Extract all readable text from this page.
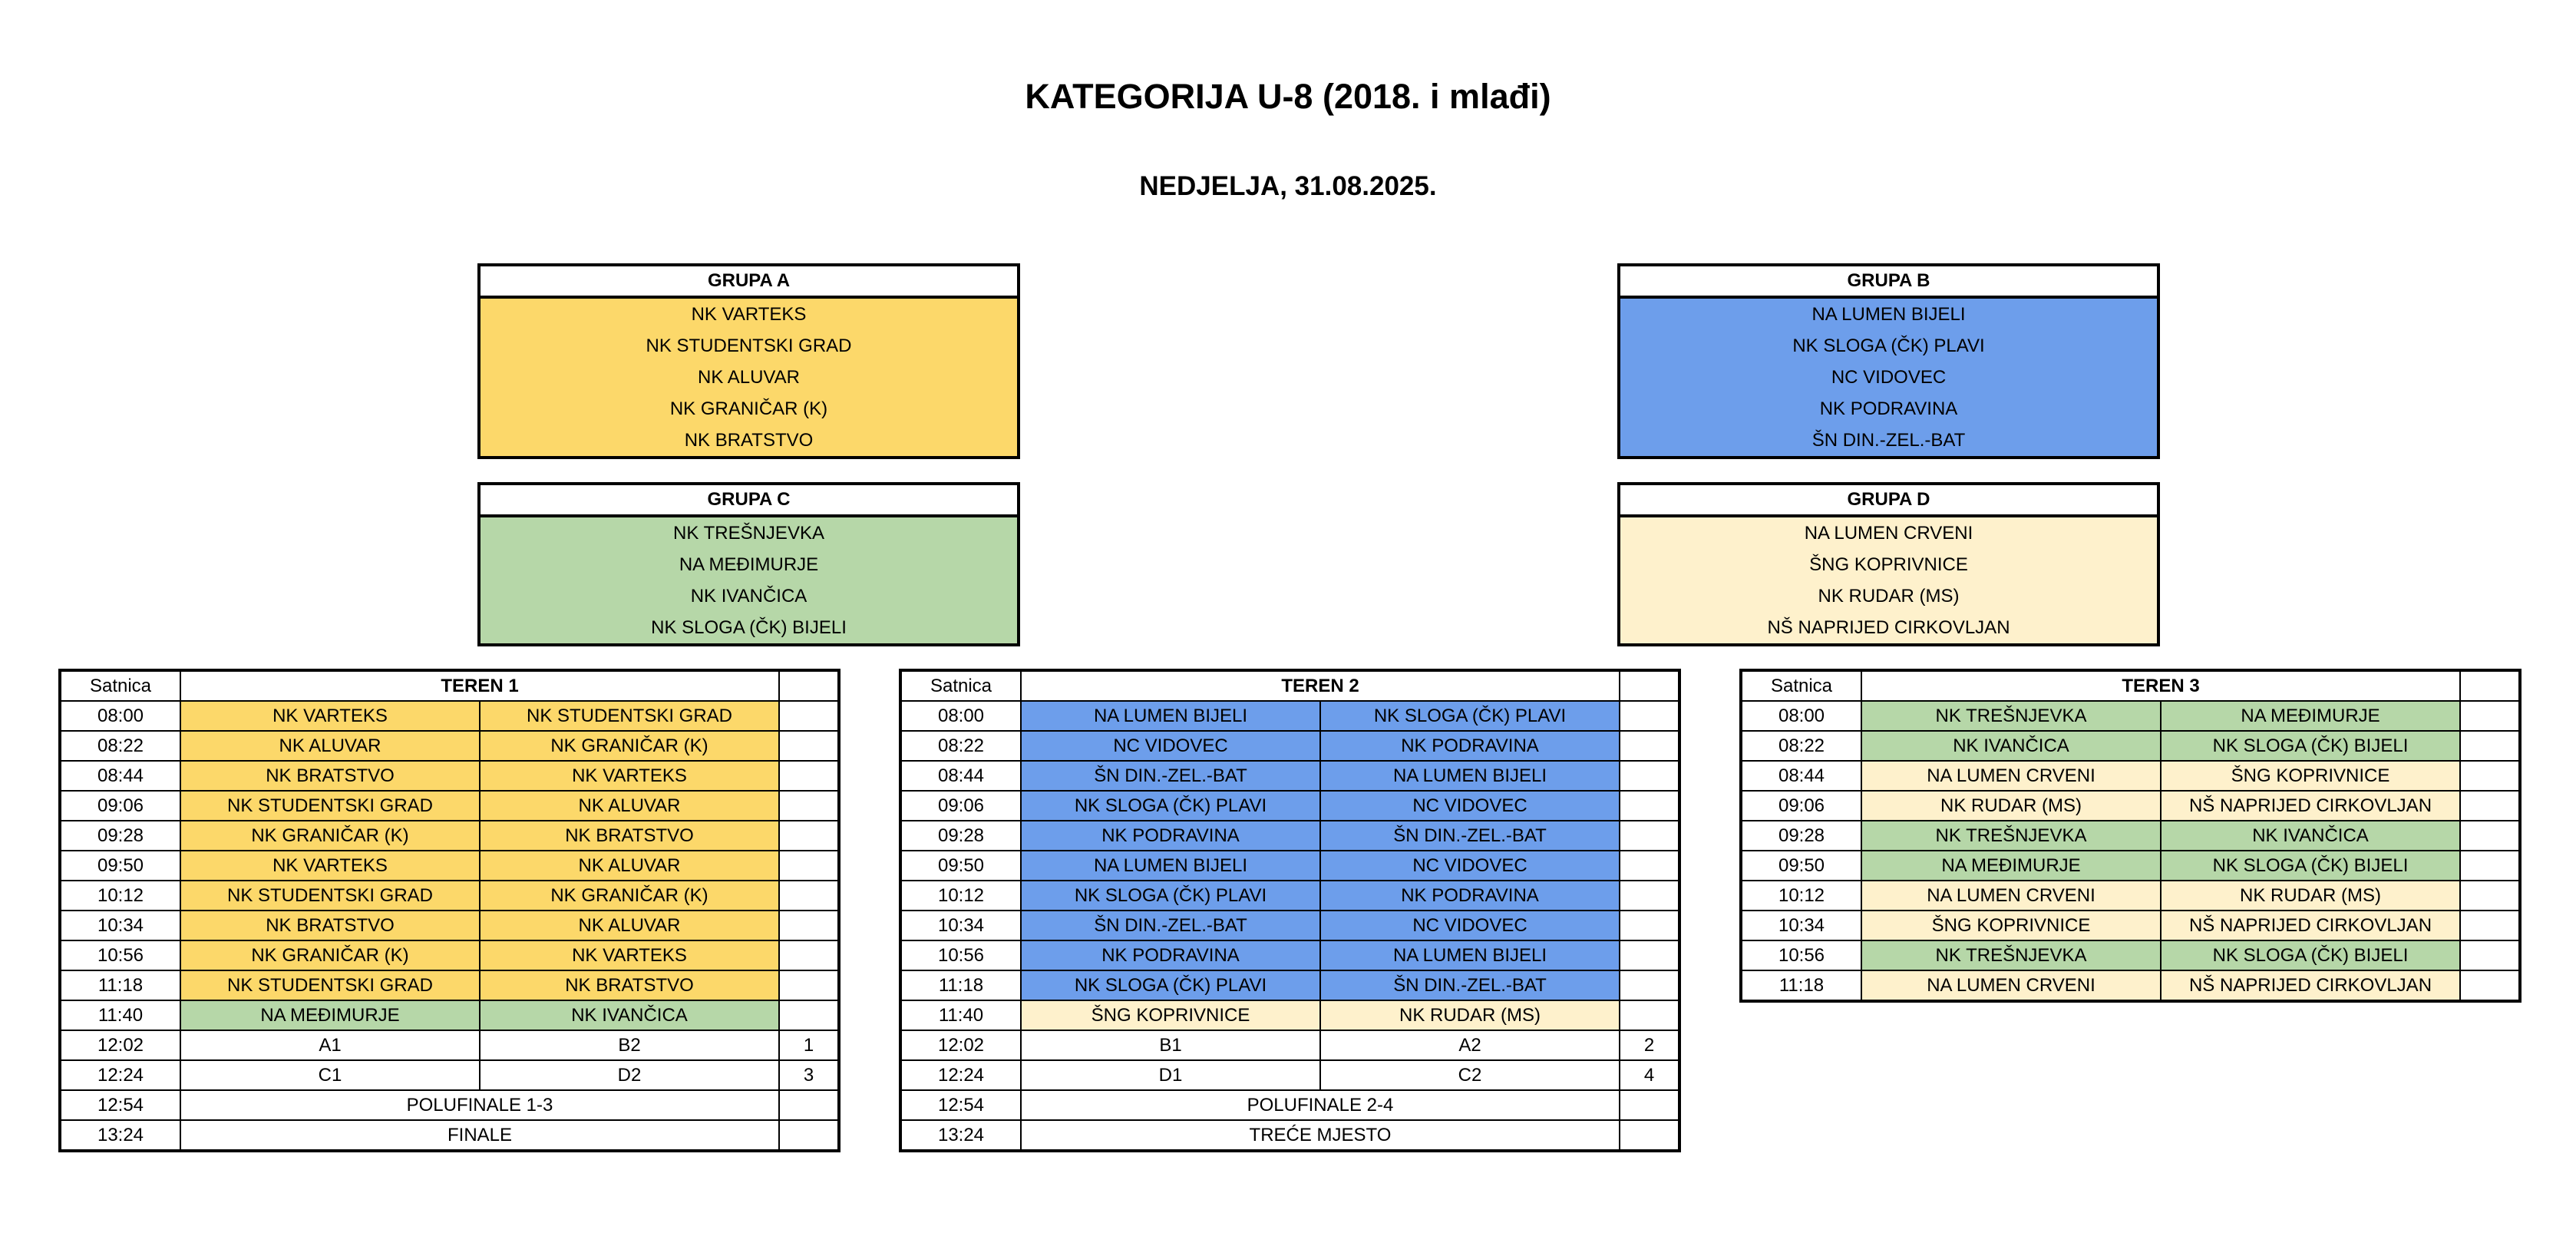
KATEGORIJA U-8 (2018. i mlađi)
NEDJELJA, 31.08.2025.
GRUPA A
NK VARTEKS
NK STUDENTSKI GRAD
NK ALUVAR
NK GRANIČAR (K)
NK BRATSTVO
GRUPA B
NA LUMEN BIJELI
NK SLOGA (ČK) PLAVI
NC VIDOVEC
NK PODRAVINA
ŠN DIN.-ZEL.-BAT
GRUPA C
NK TREŠNJEVKA
NA MEĐIMURJE
NK IVANČICA
NK SLOGA (ČK) BIJELI
GRUPA D
NA LUMEN CRVENI
ŠNG KOPRIVNICE
NK RUDAR (MS)
NŠ NAPRIJED CIRKOVLJAN
Satnica	TEREN 1		
08:00	NK VARTEKS	NK STUDENTSKI GRAD	
08:22	NK ALUVAR	NK GRANIČAR (K)	
08:44	NK BRATSTVO	NK VARTEKS	
09:06	NK STUDENTSKI GRAD	NK ALUVAR	
09:28	NK GRANIČAR (K)	NK BRATSTVO	
09:50	NK VARTEKS	NK ALUVAR	
10:12	NK STUDENTSKI GRAD	NK GRANIČAR (K)	
10:34	NK BRATSTVO	NK ALUVAR	
10:56	NK GRANIČAR (K)	NK VARTEKS	
11:18	NK STUDENTSKI GRAD	NK BRATSTVO	
11:40	NA MEĐIMURJE	NK IVANČICA	
12:02	A1	B2	1
12:24	C1	D2	3
12:54	POLUFINALE 1-3		
13:24	FINALE		
Satnica	TEREN 2		
08:00	NA LUMEN BIJELI	NK SLOGA (ČK) PLAVI	
08:22	NC VIDOVEC	NK PODRAVINA	
08:44	ŠN DIN.-ZEL.-BAT	NA LUMEN BIJELI	
09:06	NK SLOGA (ČK) PLAVI	NC VIDOVEC	
09:28	NK PODRAVINA	ŠN DIN.-ZEL.-BAT	
09:50	NA LUMEN BIJELI	NC VIDOVEC	
10:12	NK SLOGA (ČK) PLAVI	NK PODRAVINA	
10:34	ŠN DIN.-ZEL.-BAT	NC VIDOVEC	
10:56	NK PODRAVINA	NA LUMEN BIJELI	
11:18	NK SLOGA (ČK) PLAVI	ŠN DIN.-ZEL.-BAT	
11:40	ŠNG KOPRIVNICE	NK RUDAR (MS)	
12:02	B1	A2	2
12:24	D1	C2	4
12:54	POLUFINALE 2-4		
13:24	TREĆE MJESTO		
Satnica	TEREN 3		
08:00	NK TREŠNJEVKA	NA MEĐIMURJE	
08:22	NK IVANČICA	NK SLOGA (ČK) BIJELI	
08:44	NA LUMEN CRVENI	ŠNG KOPRIVNICE	
09:06	NK RUDAR (MS)	NŠ NAPRIJED CIRKOVLJAN	
09:28	NK TREŠNJEVKA	NK IVANČICA	
09:50	NA MEĐIMURJE	NK SLOGA (ČK) BIJELI	
10:12	NA LUMEN CRVENI	NK RUDAR (MS)	
10:34	ŠNG KOPRIVNICE	NŠ NAPRIJED CIRKOVLJAN	
10:56	NK TREŠNJEVKA	NK SLOGA (ČK) BIJELI	
11:18	NA LUMEN CRVENI	NŠ NAPRIJED CIRKOVLJAN	
